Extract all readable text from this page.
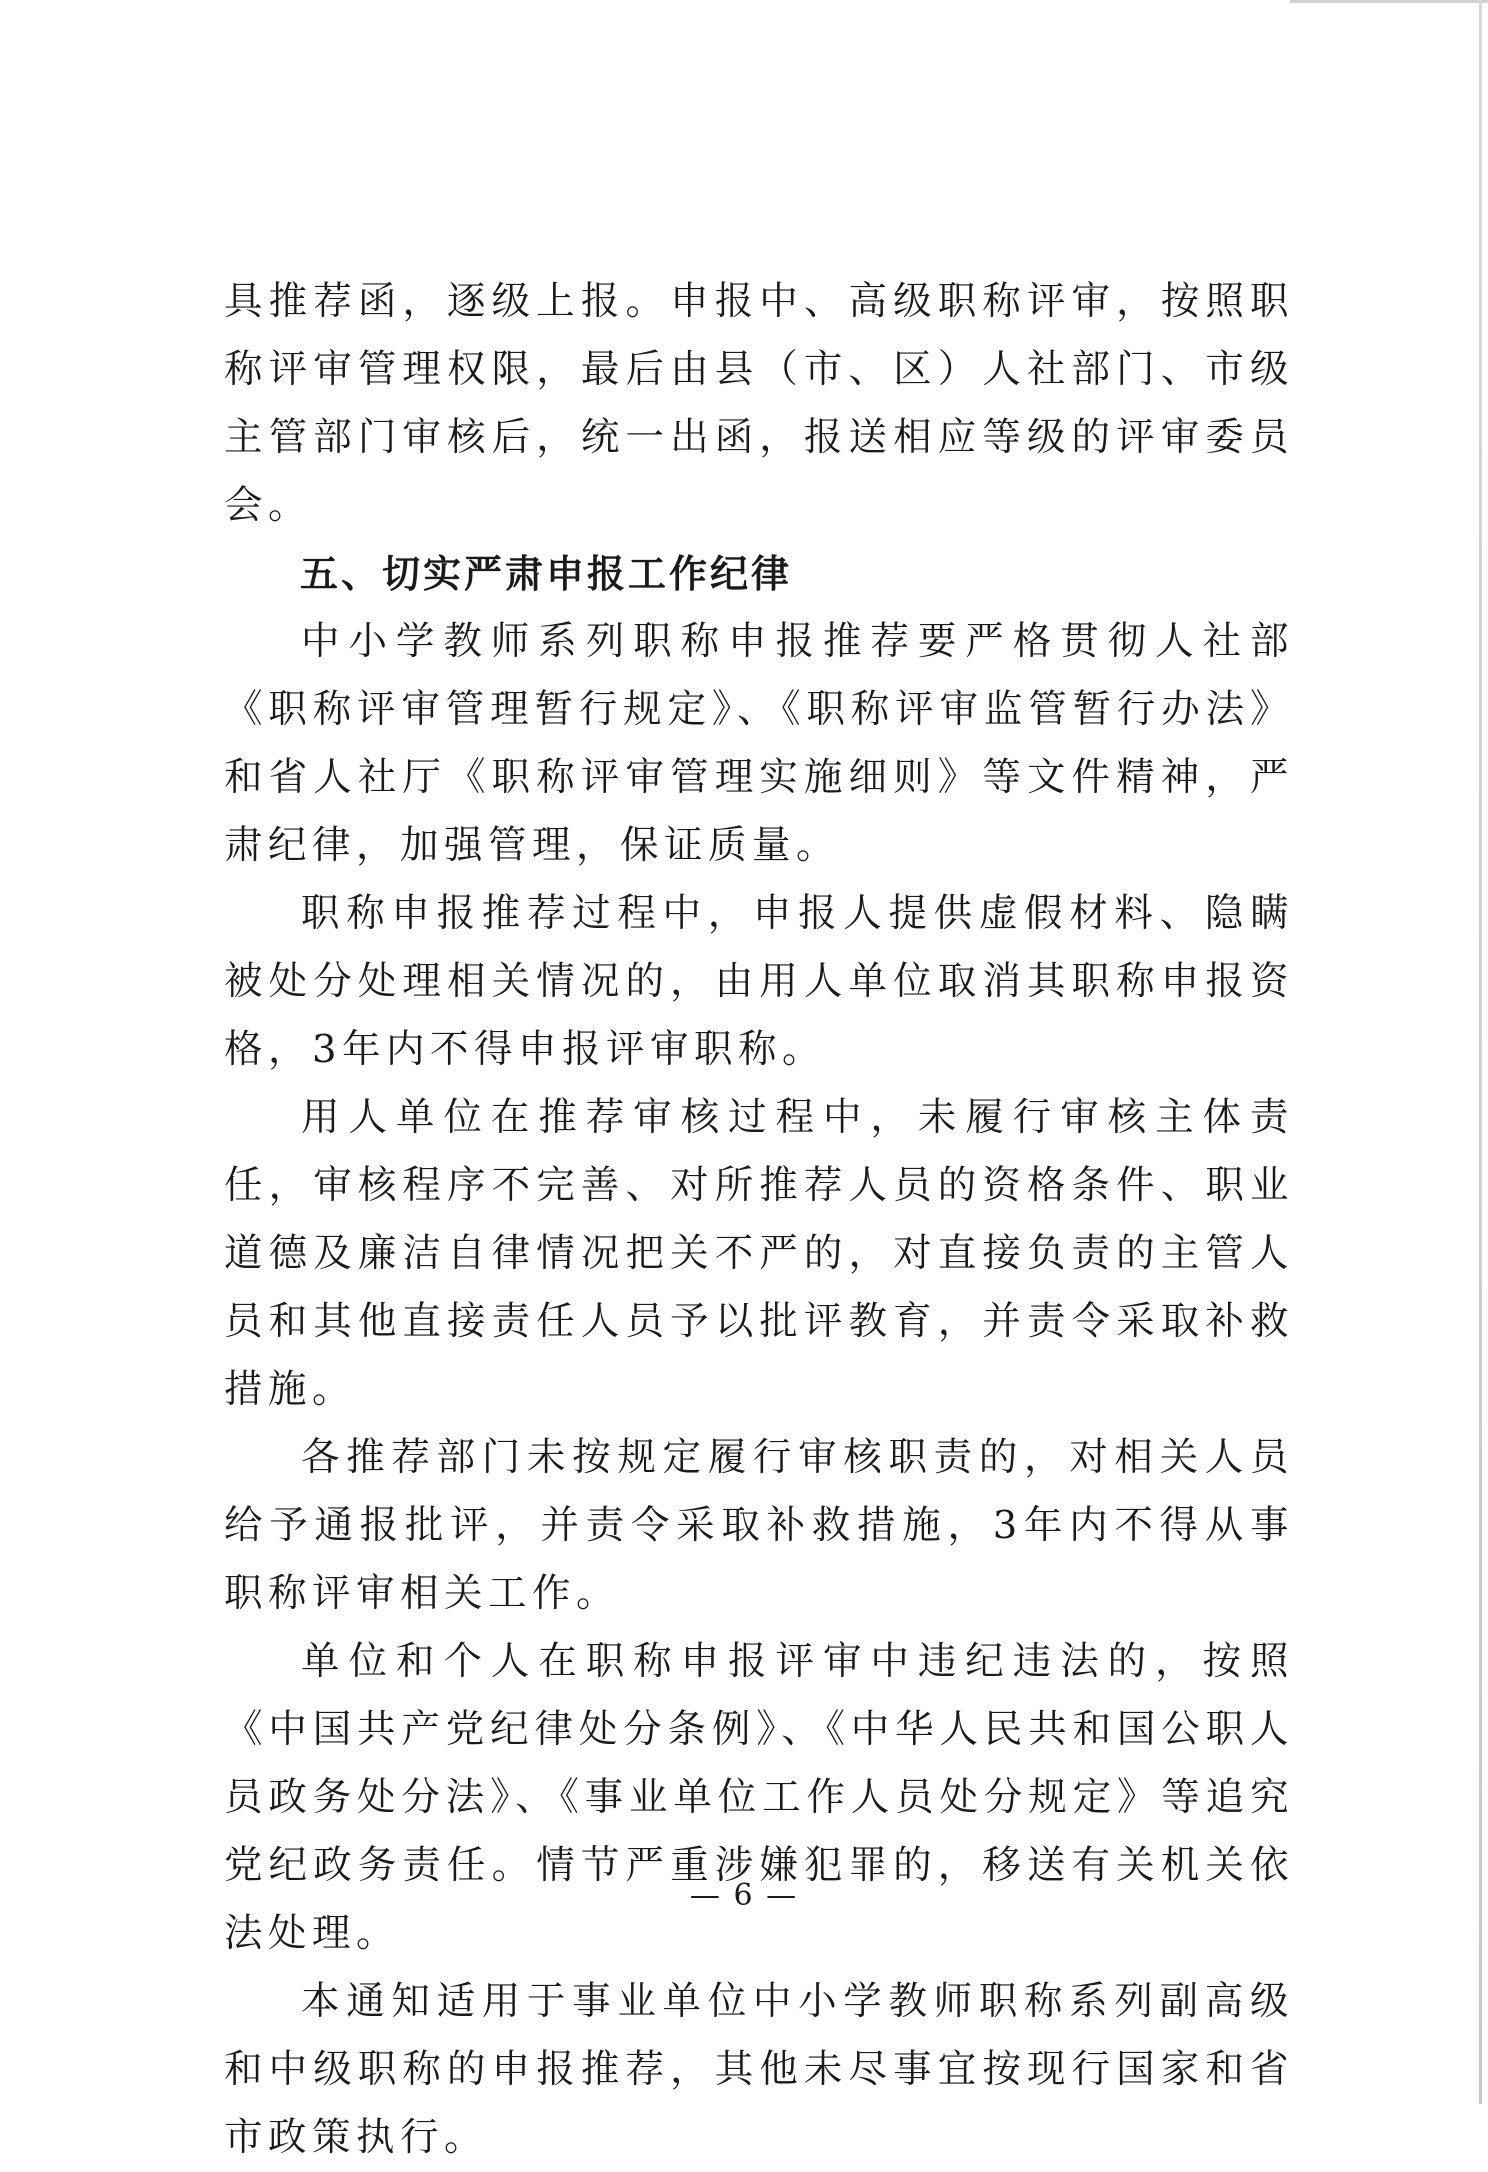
具推荐函，逐级上报。申报中、高级职称评审，按照职称评审管理权限，最后由县（市、区）人社部门、市级主管部门审核后，统一出函，报送相应等级的评审委员会。

五、切实严肃申报工作纪律

中小学教师系列职称申报推荐要严格贯彻人社部《职称评审管理暂行规定》、《职称评审监管暂行办法》和省人社厅《职称评审管理实施细则》等文件精神，严肃纪律，加强管理，保证质量。

职称申报推荐过程中，申报人提供虚假材料、隐瞒被处分处理相关情况的，由用人单位取消其职称申报资格，3年内不得申报评审职称。

用人单位在推荐审核过程中，未履行审核主体责任，审核程序不完善、对所推荐人员的资格条件、职业道德及廉洁自律情况把关不严的，对直接负责的主管人员和其他直接责任人员予以批评教育，并责令采取补救措施。

各推荐部门未按规定履行审核职责的，对相关人员给予通报批评，并责令采取补救措施，3年内不得从事职称评审相关工作。

单位和个人在职称申报评审中违纪违法的，按照《中国共产党纪律处分条例》、《中华人民共和国公职人员政务处分法》、《事业单位工作人员处分规定》等追究党纪政务责任。情节严重涉嫌犯罪的，移送有关机关依法处理。

本通知适用于事业单位中小学教师职称系列副高级和中级职称的申报推荐，其他未尽事宜按现行国家和省市政策执行。

— 6 —
